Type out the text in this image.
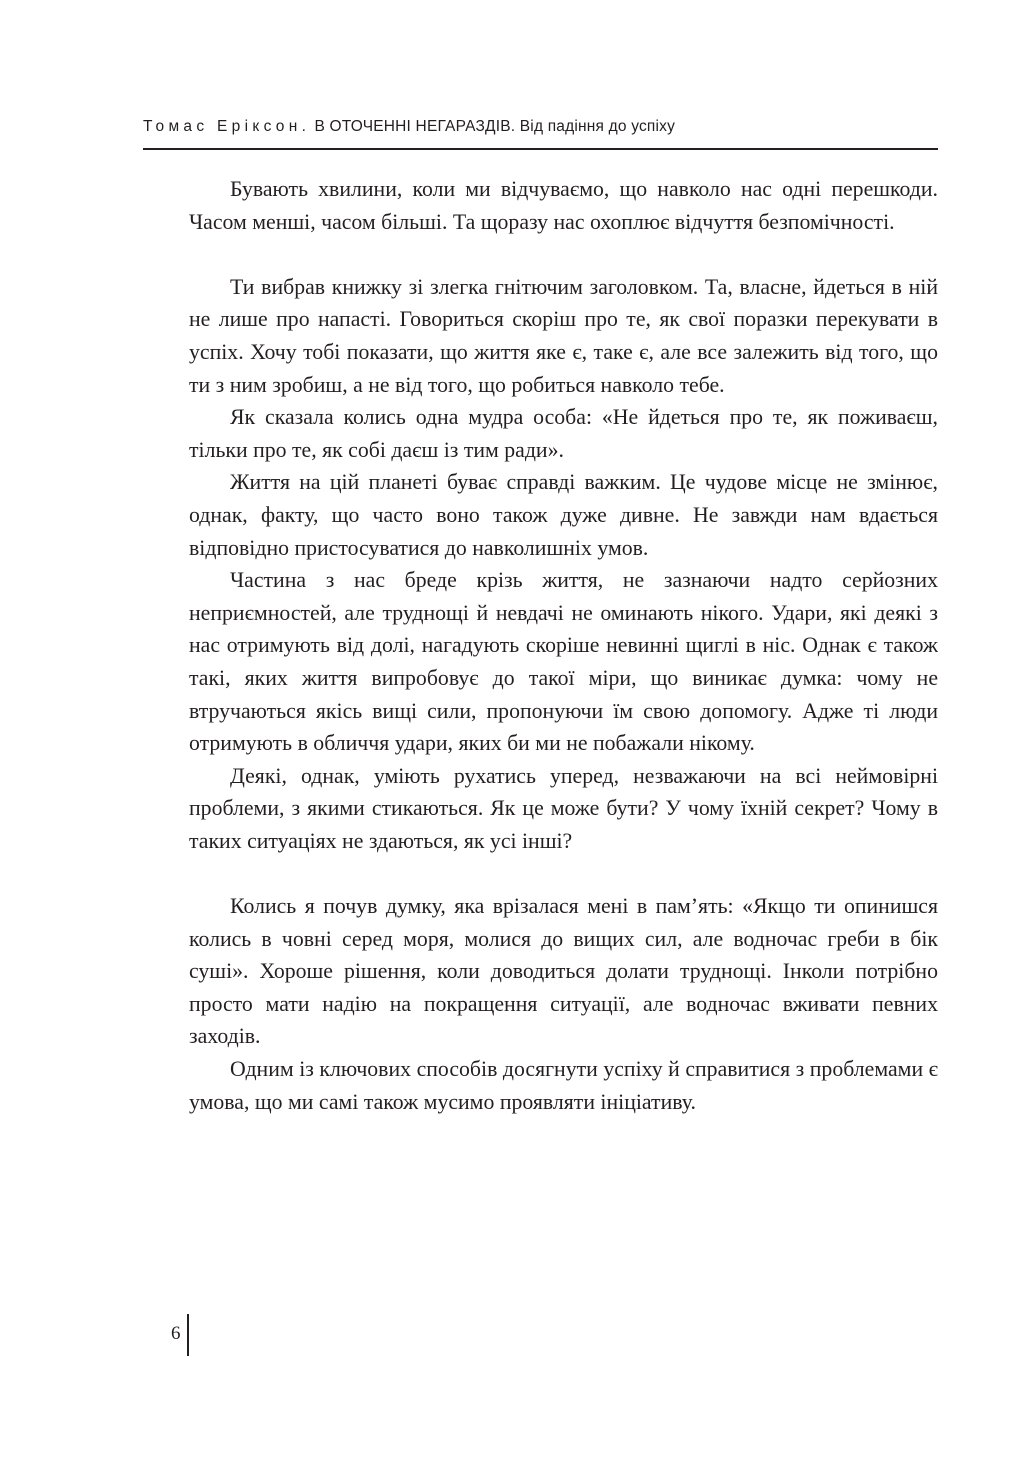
Томас Еріксон. В ОТОЧЕННІ НЕГАРАЗДІВ. Від падіння до успіху

Бувають хвилини, коли ми відчуваємо, що навколо нас одні перешкоди. Часом менші, часом більші. Та щоразу нас охоплює відчуття безпомічності.

Ти вибрав книжку зі злегка гнітючим заголовком. Та, власне, йдеться в ній не лише про напасті. Говориться скоріш про те, як свої поразки перекувати в успіх. Хочу тобі показати, що життя яке є, таке є, але все залежить від того, що ти з ним зробиш, а не від того, що робиться навколо тебе.

Як сказала колись одна мудра особа: «Не йдеться про те, як поживаєш, тільки про те, як собі даєш із тим ради».

Життя на цій планеті буває справді важким. Це чудове місце не змінює, однак, факту, що часто воно також дуже дивне. Не завжди нам вдається відповідно пристосуватися до навколишніх умов.

Частина з нас бреде крізь життя, не зазнаючи надто серйозних неприємностей, але труднощі й невдачі не оминають нікого. Удари, які деякі з нас отримують від долі, нагадують скоріше невинні щиглі в ніс. Однак є також такі, яких життя випробовує до такої міри, що виникає думка: чому не втручаються якісь вищі сили, пропонуючи їм свою допомогу. Адже ті люди отримують в обличчя удари, яких би ми не побажали нікому.

Деякі, однак, уміють рухатись уперед, незважаючи на всі неймовірні проблеми, з якими стикаються. Як це може бути? У чому їхній секрет? Чому в таких ситуаціях не здаються, як усі інші?

Колись я почув думку, яка врізалася мені в пам’ять: «Якщо ти опинишся колись в човні серед моря, молися до вищих сил, але водночас греби в бік суші». Хороше рішення, коли доводиться долати труднощі. Інколи потрібно просто мати надію на покращення ситуації, але водночас вживати певних заходів.

Одним із ключових способів досягнути успіху й справитися з проблемами є умова, що ми самі також мусимо проявляти ініціативу.

6
